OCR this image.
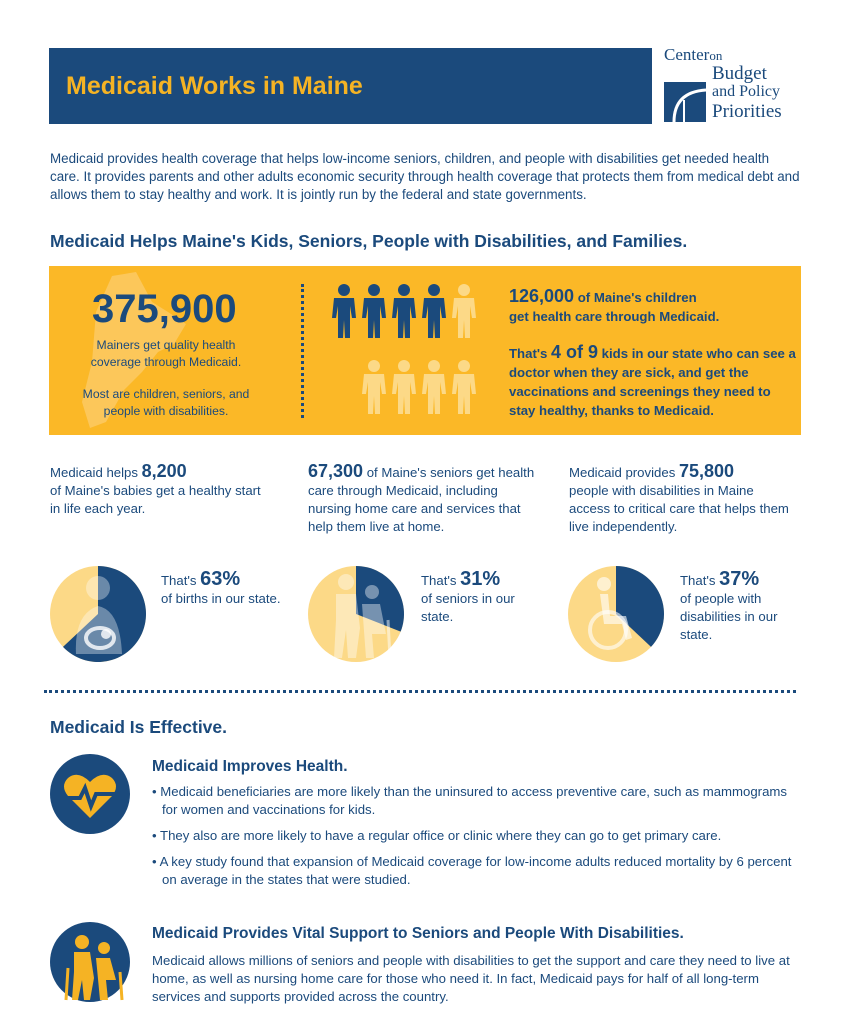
Medicaid Works in Maine
Centeron
Budget
and Policy
Priorities
Medicaid provides health coverage that helps low-income seniors, children, and people with disabilities get needed health care. It provides parents and other adults economic security through health coverage that protects them from medical debt and allows them to stay healthy and work. It is jointly run by the federal and state governments.
Medicaid Helps Maine's Kids, Seniors, People with Disabilities, and Families.
375,900
Mainers get quality health coverage through Medicaid.
Most are children, seniors, and people with disabilities.
126,000 of Maine's children
get health care through Medicaid.
That's 4 of 9 kids in our state who can see a doctor when they are sick, and get the vaccinations and screenings they need to stay healthy, thanks to Medicaid.
Medicaid helps 8,200
of Maine's babies get a healthy start in life each year.
That's 63%
of births in our state.
67,300 of Maine's seniors get health care through Medicaid, including nursing home care and services that help them live at home.
That's 31%
of seniors in our state.
Medicaid provides 75,800
people with disabilities in Maine access to critical care that helps them live independently.
That's 37%
of people with disabilities in our state.
Medicaid Is Effective.
Medicaid Improves Health.
• Medicaid beneficiaries are more likely than the uninsured to access preventive care, such as mammograms for women and vaccinations for kids.
• They also are more likely to have a regular office or clinic where they can go to get primary care.
• A key study found that expansion of Medicaid coverage for low-income adults reduced mortality by 6 percent on average in the states that were studied.
Medicaid Provides Vital Support to Seniors and People With Disabilities.
Medicaid allows millions of seniors and people with disabilities to get the support and care they need to live at home, as well as nursing home care for those who need it. In fact, Medicaid pays for half of all long-term services and supports provided across the country.
